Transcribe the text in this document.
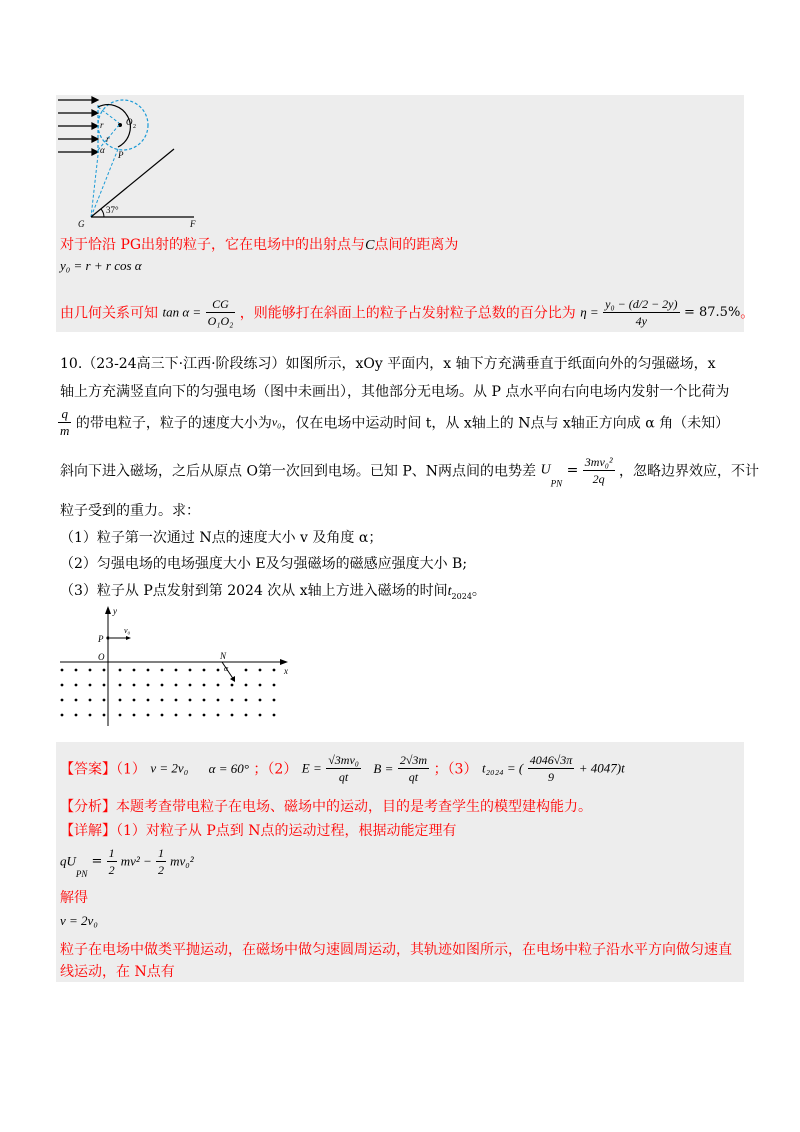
O 2
r
r
α P
G	F
37°
对于恰沿 PG出射的粒子，它在电场中的出射点与C点间的距离为
y₀ = r + r cos α
由几何关系可知 $\tan \alpha = \frac{CG}{\text{O₁O₂}}$ ，则能够打在斜面上的粒子占发射粒子总数的百分比为 $\eta = \frac{\text{y₀ − (d/2 − 2y)}}{4y} = 87.5\%$。
10.（23-24高三下·江西·阶段练习）如图所示，xOy 平面内，x 轴下方充满垂直于纸面向外的匀强磁场，x
轴上方充满竖直向下的匀强电场（图中未画出），其他部分无电场。从 P 点水平向右向电场内发射一个比荷为
$\frac{q}{m}$ 的带电粒子，粒子的速度大小为v₀，仅在电场中运动时间 t，从 x轴上的 N点与 x轴正方向成 α 角（未知）
斜向下进入磁场，之后从原点 O第一次回到电场。已知 P、N两点间的电势差 $U_{PN} = \frac{\text{3mv₀²}}{2q}$ ，忽略边界效应，不计
粒子受到的重力。求：
（1）粒子第一次通过 N点的速度大小 v 及角度 α；
（2）匀强电场的电场强度大小 E及匀强磁场的磁感应强度大小 B;
（3）粒子从 P点发射到第 2024 次从 x轴上方进入磁场的时间$t_{2024}$。
y
P
v₀
O	N
α	x
【答案】（1） v = 2v₀ α = 60° ；（2） $E = \frac{\text{√3mv₀}}{qt}$ $B = \frac{2√3m}{qt}$ ；（3） t₂₀₂₄ = ( $\frac{4046√3\pi}{9} + 4047)t$
【分析】本题考查带电粒子在电场、磁场中的运动，目的是考查学生的模型建构能力。
【详解】（1）对粒子从 P点到 N点的运动过程，根据动能定理有
$qU_{PN} = \frac{1}{2} mv^2 - \frac{1}{2} mv_0^2$
解得
v = 2v₀
粒子在电场中做类平抛运动，在磁场中做匀速圆周运动，其轨迹如图所示，在电场中粒子沿水平方向做匀速直
线运动，在 N点有
